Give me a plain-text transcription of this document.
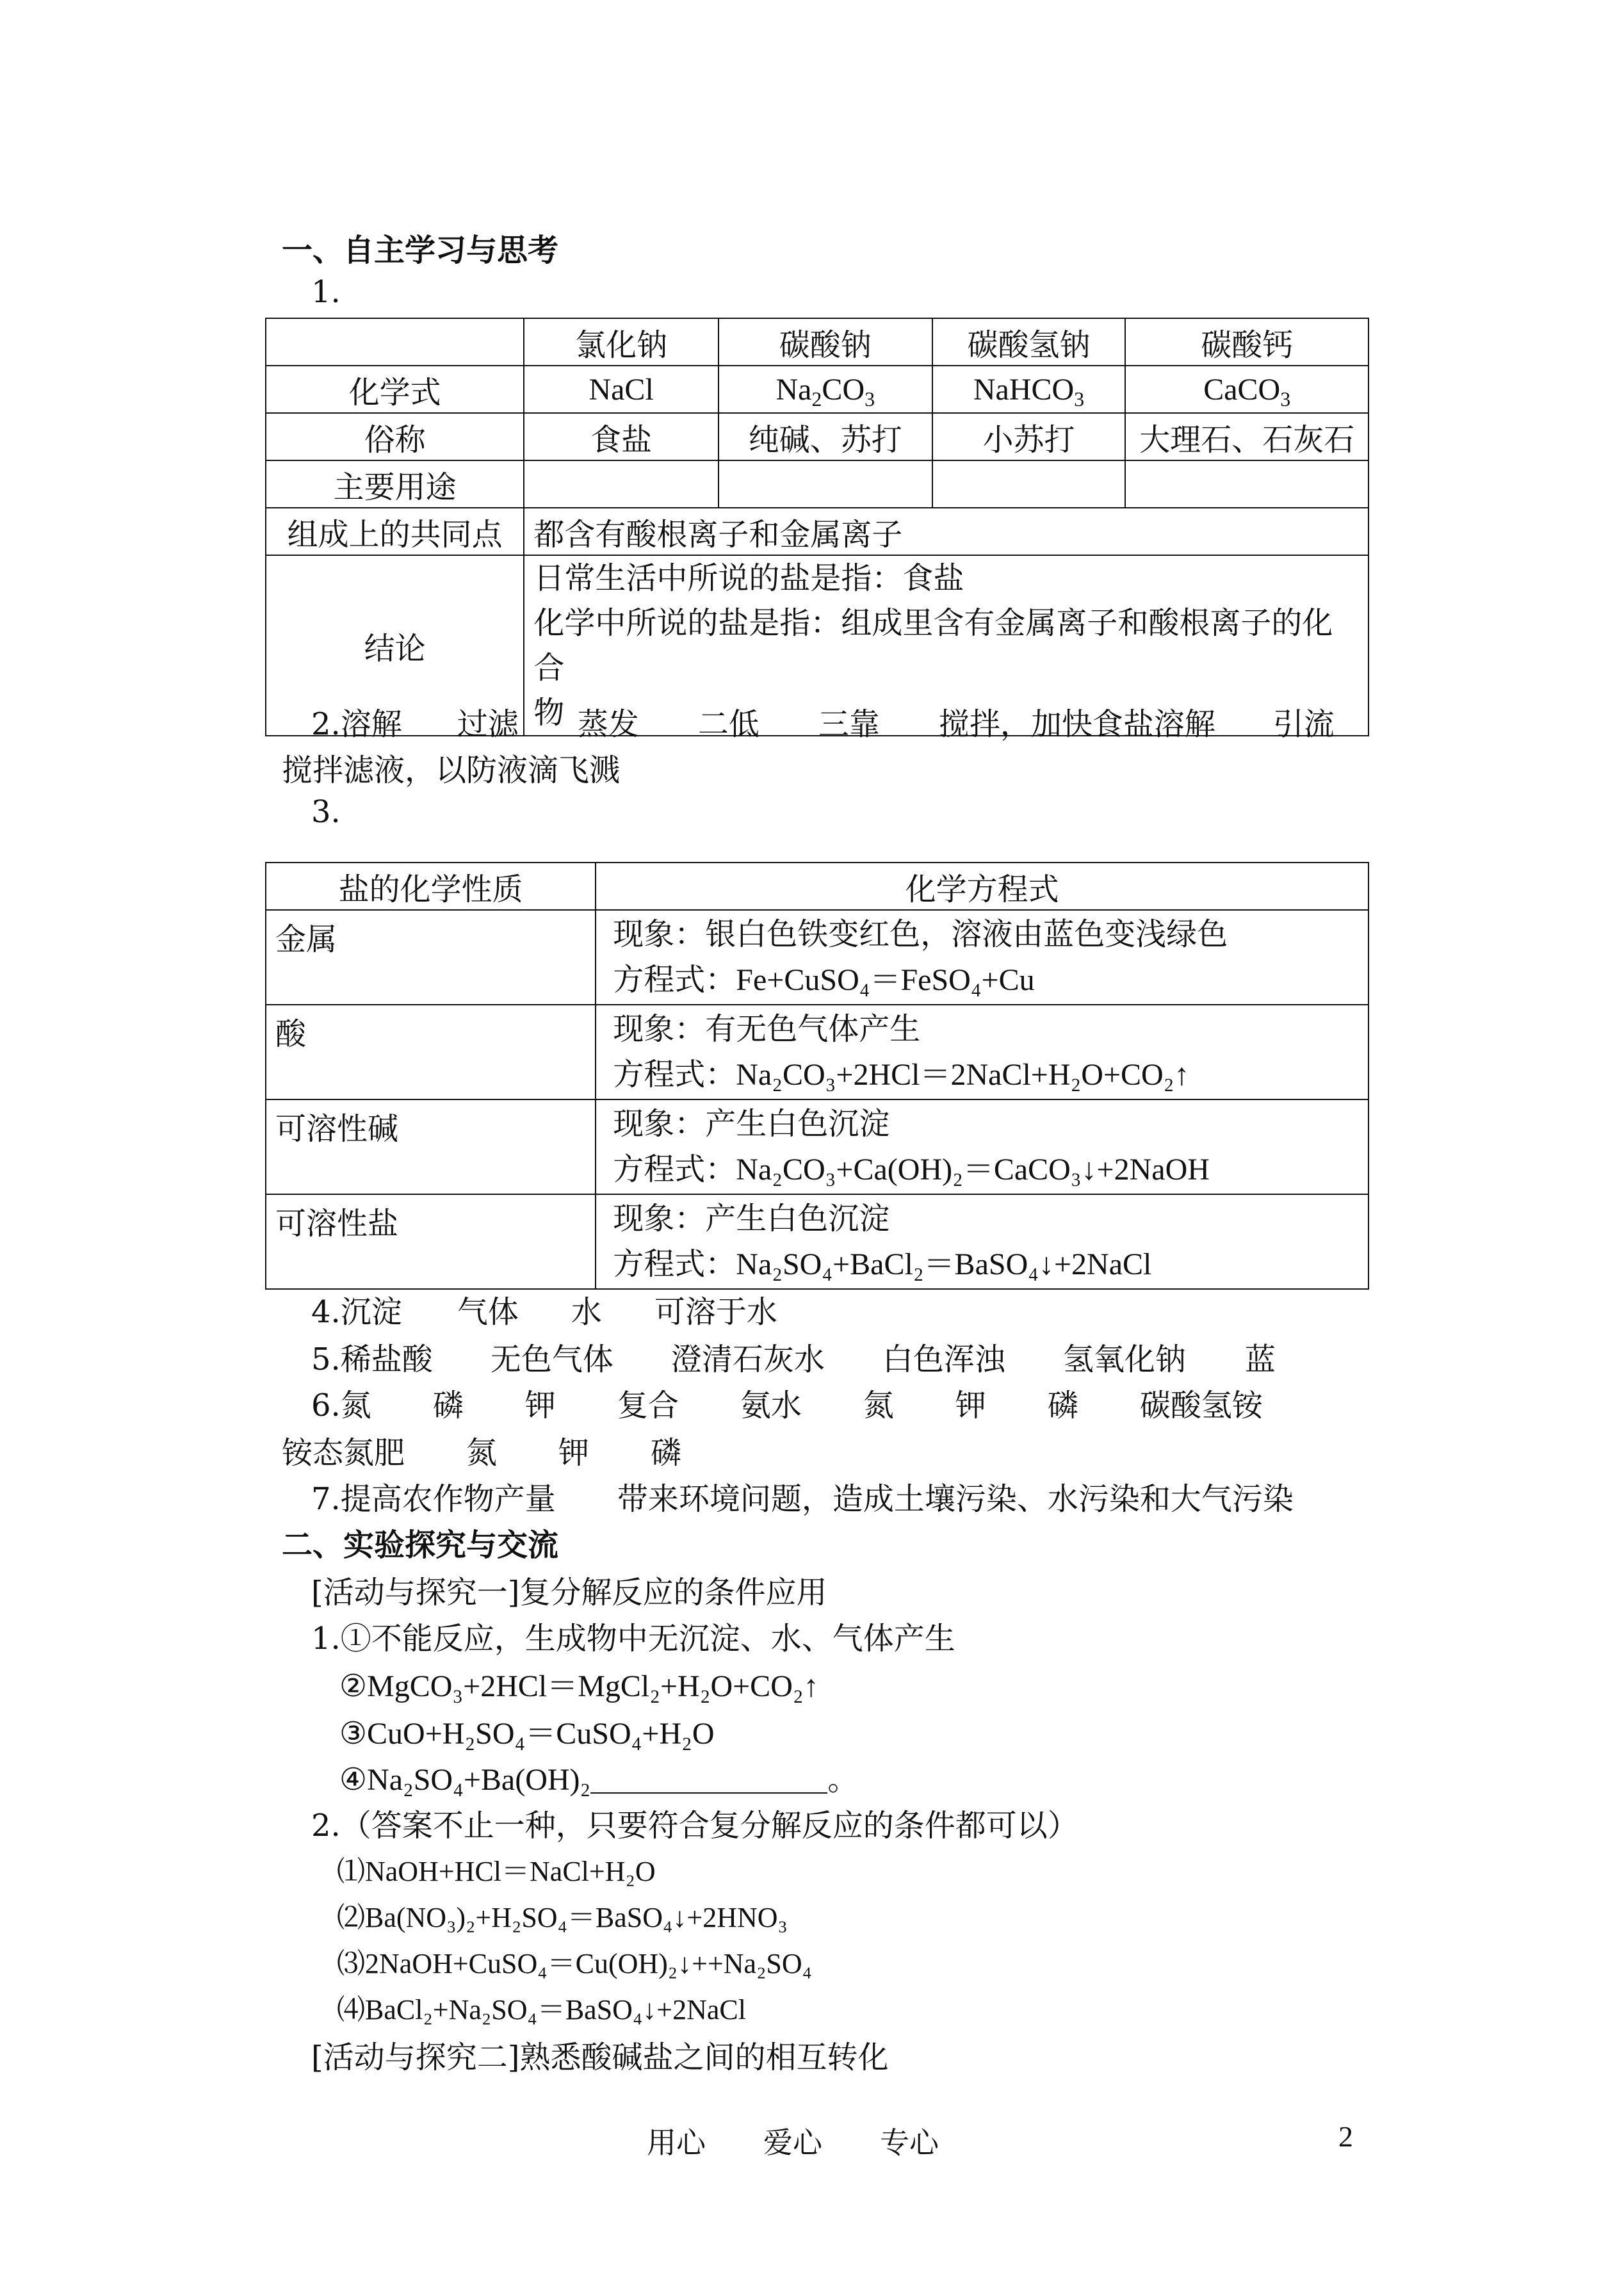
一、自主学习与思考
1.
	氯化钠	碳酸钠	碳酸氢钠	碳酸钙
化学式	NaCl	$Na_2CO_3$	NaHCO$_3$	CaCO$_3$
俗称	食盐	纯碱、苏打	小苏打	大理石、石灰石
主要用途				
组成上的共同点	都含有酸根离子和金属离子			
结论	日常生活中所说的盐是指：食盐
化学中所说的盐是指：组成里含有金属离子和酸根离子的化合
物			
2.溶解 过滤 蒸发 二低 三靠 搅拌，加快食盐溶解 引流
搅拌滤液，以防液滴飞溅
3.
盐的化学性质	化学方程式
金属	现象：银白色铁变红色，溶液由蓝色变浅绿色
方程式：Fe+CuSO₄＝FeSO₄+Cu

酸	现象：有无色气体产生
方程式：Na₂CO₃+2HCl＝2NaCl+H₂O+CO₂↑

可溶性碱	现象：产生白色沉淀
方程式：Na₂CO₃+Ca(OH)₂＝CaCO₃↓+2NaOH

可溶性盐	现象：产生白色沉淀
方程式：Na₂SO₄+BaCl₂＝BaSO₄↓+2NaCl
4.沉淀 气体 水 可溶于水
5.稀盐酸 无色气体 澄清石灰水 白色浑浊 氢氧化钠 蓝
6.氮 磷 钾 复合 氨水 氮 钾 磷 碳酸氢铵
铵态氮肥 氮 钾 磷
7.提高农作物产量 带来环境问题，造成土壤污染、水污染和大气污染
二、实验探究与交流
[活动与探究一]复分解反应的条件应用
1.①不能反应，生成物中无沉淀、水、气体产生
②MgCO₃+2HCl＝MgCl₂+H₂O+CO₂↑
③CuO+H₂SO₄＝CuSO₄+H₂O
④Na₂SO₄+Ba(OH)₂	。
2.（答案不止一种，只要符合复分解反应的条件都可以）
⑴NaOH+HCl＝NaCl+H₂O
⑵Ba(NO₃)₂+H₂SO₄＝BaSO₄↓+2HNO₃
⑶2NaOH+CuSO₄＝Cu(OH)₂↓++Na₂SO₄
⑷BaCl₂+Na₂SO₄＝BaSO₄↓+2NaCl
[活动与探究二]熟悉酸碱盐之间的相互转化
用心 爱心 专心	2
